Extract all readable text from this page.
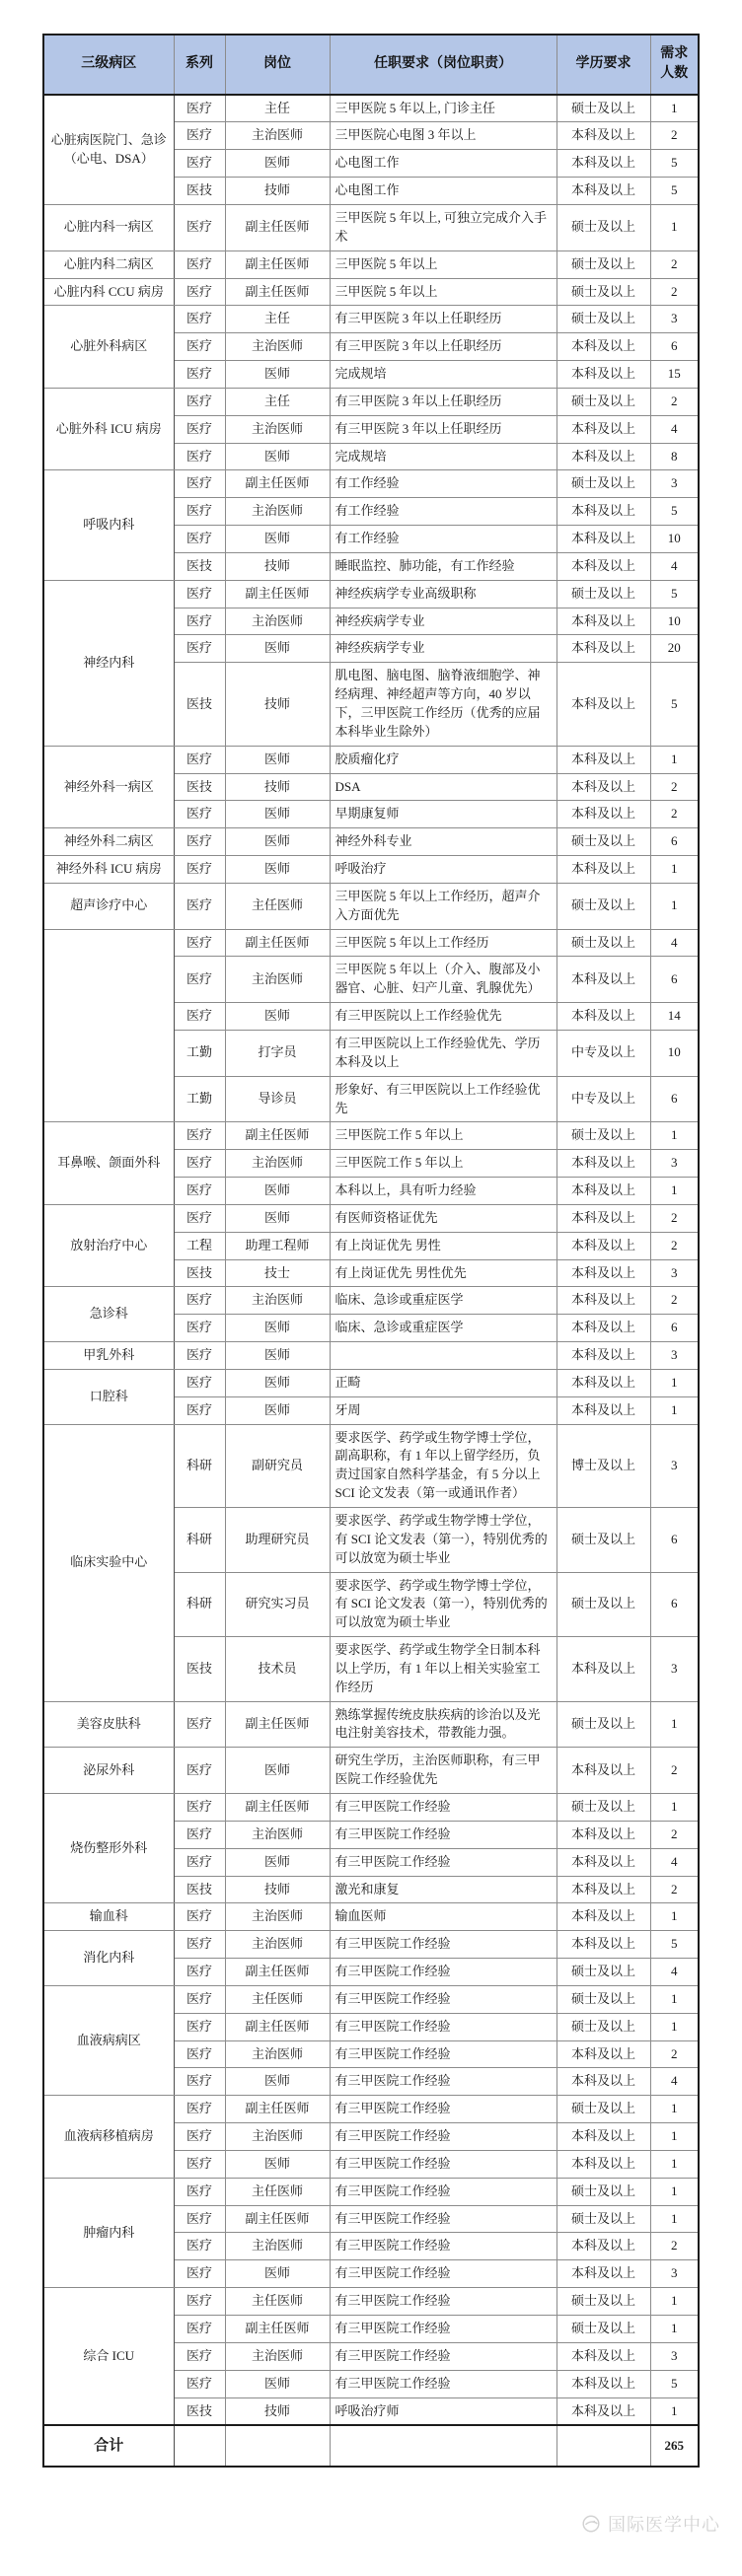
三级病区	系列	岗位	任职要求（岗位职责）	学历要求	需求人数
心脏病医院门、急诊（心电、DSA）	医疗	主任	三甲医院 5 年以上, 门诊主任	硕士及以上	1
	医疗	主治医师	三甲医院心电图 3 年以上	本科及以上	2
	医疗	医师	心电图工作	本科及以上	5
	医技	技师	心电图工作	本科及以上	5
心脏内科一病区	医疗	副主任医师	三甲医院 5 年以上, 可独立完成介入手术	硕士及以上	1
心脏内科二病区	医疗	副主任医师	三甲医院 5 年以上	硕士及以上	2
心脏内科 CCU 病房	医疗	副主任医师	三甲医院 5 年以上	硕士及以上	2
心脏外科病区	医疗	主任	有三甲医院 3 年以上任职经历	硕士及以上	3
	医疗	主治医师	有三甲医院 3 年以上任职经历	本科及以上	6
	医疗	医师	完成规培	本科及以上	15
心脏外科 ICU 病房	医疗	主任	有三甲医院 3 年以上任职经历	硕士及以上	2
	医疗	主治医师	有三甲医院 3 年以上任职经历	本科及以上	4
	医疗	医师	完成规培	本科及以上	8
呼吸内科	医疗	副主任医师	有工作经验	硕士及以上	3
	医疗	主治医师	有工作经验	本科及以上	5
	医疗	医师	有工作经验	本科及以上	10
	医技	技师	睡眠监控、肺功能，有工作经验	本科及以上	4
神经内科	医疗	副主任医师	神经疾病学专业高级职称	硕士及以上	5
	医疗	主治医师	神经疾病学专业	本科及以上	10
	医疗	医师	神经疾病学专业	本科及以上	20
	医技	技师	肌电图、脑电图、脑脊液细胞学、神经病理、神经超声等方向，40 岁以下，三甲医院工作经历（优秀的应届本科毕业生除外）	本科及以上	5
神经外科一病区	医疗	医师	胶质瘤化疗	本科及以上	1
	医技	技师	DSA	本科及以上	2
	医疗	医师	早期康复师	本科及以上	2
神经外科二病区	医疗	医师	神经外科专业	硕士及以上	6
神经外科 ICU 病房	医疗	医师	呼吸治疗	本科及以上	1
超声诊疗中心	医疗	主任医师	三甲医院 5 年以上工作经历，超声介入方面优先	硕士及以上	1
	医疗	副主任医师	三甲医院 5 年以上工作经历	硕士及以上	4
	医疗	主治医师	三甲医院 5 年以上（介入、腹部及小器官、心脏、妇产儿童、乳腺优先）	本科及以上	6
	医疗	医师	有三甲医院以上工作经验优先	本科及以上	14
	工勤	打字员	有三甲医院以上工作经验优先、学历本科及以上	中专及以上	10
	工勤	导诊员	形象好、有三甲医院以上工作经验优先	中专及以上	6
耳鼻喉、颌面外科	医疗	副主任医师	三甲医院工作 5 年以上	硕士及以上	1
	医疗	主治医师	三甲医院工作 5 年以上	本科及以上	3
	医疗	医师	本科以上，具有听力经验	本科及以上	1
放射治疗中心	医疗	医师	有医师资格证优先	本科及以上	2
	工程	助理工程师	有上岗证优先 男性	本科及以上	2
	医技	技士	有上岗证优先 男性优先	本科及以上	3
急诊科	医疗	主治医师	临床、急诊或重症医学	本科及以上	2
	医疗	医师	临床、急诊或重症医学	本科及以上	6
甲乳外科	医疗	医师		本科及以上	3
口腔科	医疗	医师	正畸	本科及以上	1
	医疗	医师	牙周	本科及以上	1
临床实验中心	科研	副研究员	要求医学、药学或生物学博士学位，副高职称，有 1 年以上留学经历，负责过国家自然科学基金，有 5 分以上 SCI 论文发表（第一或通讯作者）	博士及以上	3
	科研	助理研究员	要求医学、药学或生物学博士学位，有 SCI 论文发表（第一），特别优秀的可以放宽为硕士毕业	硕士及以上	6
	科研	研究实习员	要求医学、药学或生物学博士学位，有 SCI 论文发表（第一），特别优秀的可以放宽为硕士毕业	硕士及以上	6
	医技	技术员	要求医学、药学或生物学全日制本科以上学历，有 1 年以上相关实验室工作经历	本科及以上	3
美容皮肤科	医疗	副主任医师	熟练掌握传统皮肤疾病的诊治以及光电注射美容技术，带教能力强。	硕士及以上	1
泌尿外科	医疗	医师	研究生学历，主治医师职称，有三甲医院工作经验优先	本科及以上	2
烧伤整形外科	医疗	副主任医师	有三甲医院工作经验	硕士及以上	1
	医疗	主治医师	有三甲医院工作经验	本科及以上	2
	医疗	医师	有三甲医院工作经验	本科及以上	4
	医技	技师	激光和康复	本科及以上	2
输血科	医疗	主治医师	输血医师	本科及以上	1
消化内科	医疗	主治医师	有三甲医院工作经验	本科及以上	5
	医疗	副主任医师	有三甲医院工作经验	硕士及以上	4
血液病病区	医疗	主任医师	有三甲医院工作经验	硕士及以上	1
	医疗	副主任医师	有三甲医院工作经验	硕士及以上	1
	医疗	主治医师	有三甲医院工作经验	本科及以上	2
	医疗	医师	有三甲医院工作经验	本科及以上	4
血液病移植病房	医疗	副主任医师	有三甲医院工作经验	硕士及以上	1
	医疗	主治医师	有三甲医院工作经验	本科及以上	1
	医疗	医师	有三甲医院工作经验	本科及以上	1
肿瘤内科	医疗	主任医师	有三甲医院工作经验	硕士及以上	1
	医疗	副主任医师	有三甲医院工作经验	硕士及以上	1
	医疗	主治医师	有三甲医院工作经验	本科及以上	2
	医疗	医师	有三甲医院工作经验	本科及以上	3
综合 ICU	医疗	主任医师	有三甲医院工作经验	硕士及以上	1
	医疗	副主任医师	有三甲医院工作经验	硕士及以上	1
	医疗	主治医师	有三甲医院工作经验	本科及以上	3
	医疗	医师	有三甲医院工作经验	本科及以上	5
	医技	技师	呼吸治疗师	本科及以上	1
合计					265
国际医学中心
